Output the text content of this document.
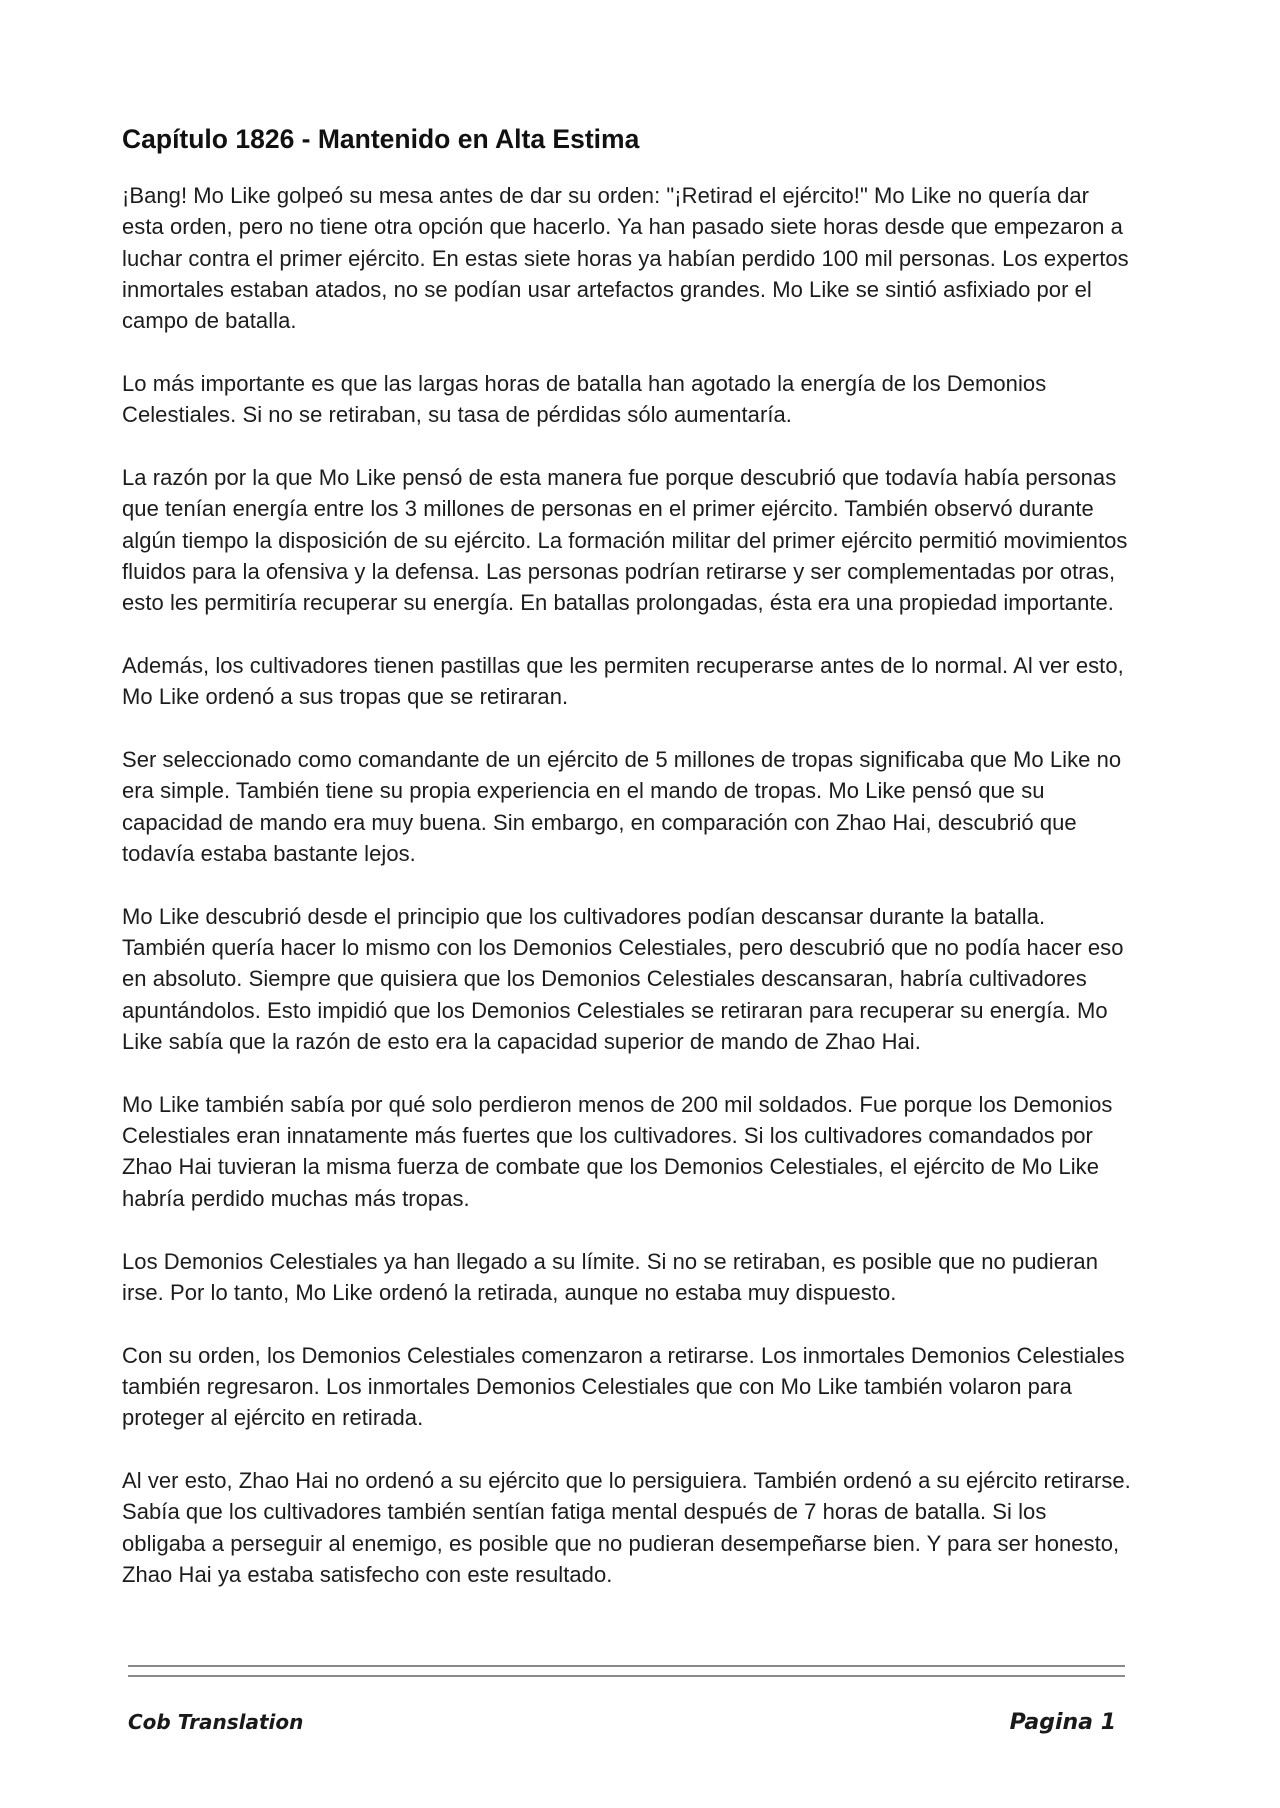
Capítulo 1826 - Mantenido en Alta Estima

¡Bang! Mo Like golpeó su mesa antes de dar su orden: "¡Retirad el ejército!" Mo Like no quería dar esta orden, pero no tiene otra opción que hacerlo. Ya han pasado siete horas desde que empezaron a luchar contra el primer ejército. En estas siete horas ya habían perdido 100 mil personas. Los expertos inmortales estaban atados, no se podían usar artefactos grandes. Mo Like se sintió asfixiado por el campo de batalla.

Lo más importante es que las largas horas de batalla han agotado la energía de los Demonios Celestiales. Si no se retiraban, su tasa de pérdidas sólo aumentaría.

La razón por la que Mo Like pensó de esta manera fue porque descubrió que todavía había personas que tenían energía entre los 3 millones de personas en el primer ejército. También observó durante algún tiempo la disposición de su ejército. La formación militar del primer ejército permitió movimientos fluidos para la ofensiva y la defensa. Las personas podrían retirarse y ser complementadas por otras, esto les permitiría recuperar su energía. En batallas prolongadas, ésta era una propiedad importante.

Además, los cultivadores tienen pastillas que les permiten recuperarse antes de lo normal. Al ver esto, Mo Like ordenó a sus tropas que se retiraran.

Ser seleccionado como comandante de un ejército de 5 millones de tropas significaba que Mo Like no era simple. También tiene su propia experiencia en el mando de tropas. Mo Like pensó que su capacidad de mando era muy buena. Sin embargo, en comparación con Zhao Hai, descubrió que todavía estaba bastante lejos.

Mo Like descubrió desde el principio que los cultivadores podían descansar durante la batalla. También quería hacer lo mismo con los Demonios Celestiales, pero descubrió que no podía hacer eso en absoluto. Siempre que quisiera que los Demonios Celestiales descansaran, habría cultivadores apuntándolos. Esto impidió que los Demonios Celestiales se retiraran para recuperar su energía. Mo Like sabía que la razón de esto era la capacidad superior de mando de Zhao Hai.

Mo Like también sabía por qué solo perdieron menos de 200 mil soldados. Fue porque los Demonios Celestiales eran innatamente más fuertes que los cultivadores. Si los cultivadores comandados por Zhao Hai tuvieran la misma fuerza de combate que los Demonios Celestiales, el ejército de Mo Like habría perdido muchas más tropas.

Los Demonios Celestiales ya han llegado a su límite. Si no se retiraban, es posible que no pudieran irse. Por lo tanto, Mo Like ordenó la retirada, aunque no estaba muy dispuesto.

Con su orden, los Demonios Celestiales comenzaron a retirarse. Los inmortales Demonios Celestiales también regresaron. Los inmortales Demonios Celestiales que con Mo Like también volaron para proteger al ejército en retirada.

Al ver esto, Zhao Hai no ordenó a su ejército que lo persiguiera. También ordenó a su ejército retirarse. Sabía que los cultivadores también sentían fatiga mental después de 7 horas de batalla. Si los obligaba a perseguir al enemigo, es posible que no pudieran desempeñarse bien. Y para ser honesto, Zhao Hai ya estaba satisfecho con este resultado.

Cob Translation	Pagina 1
